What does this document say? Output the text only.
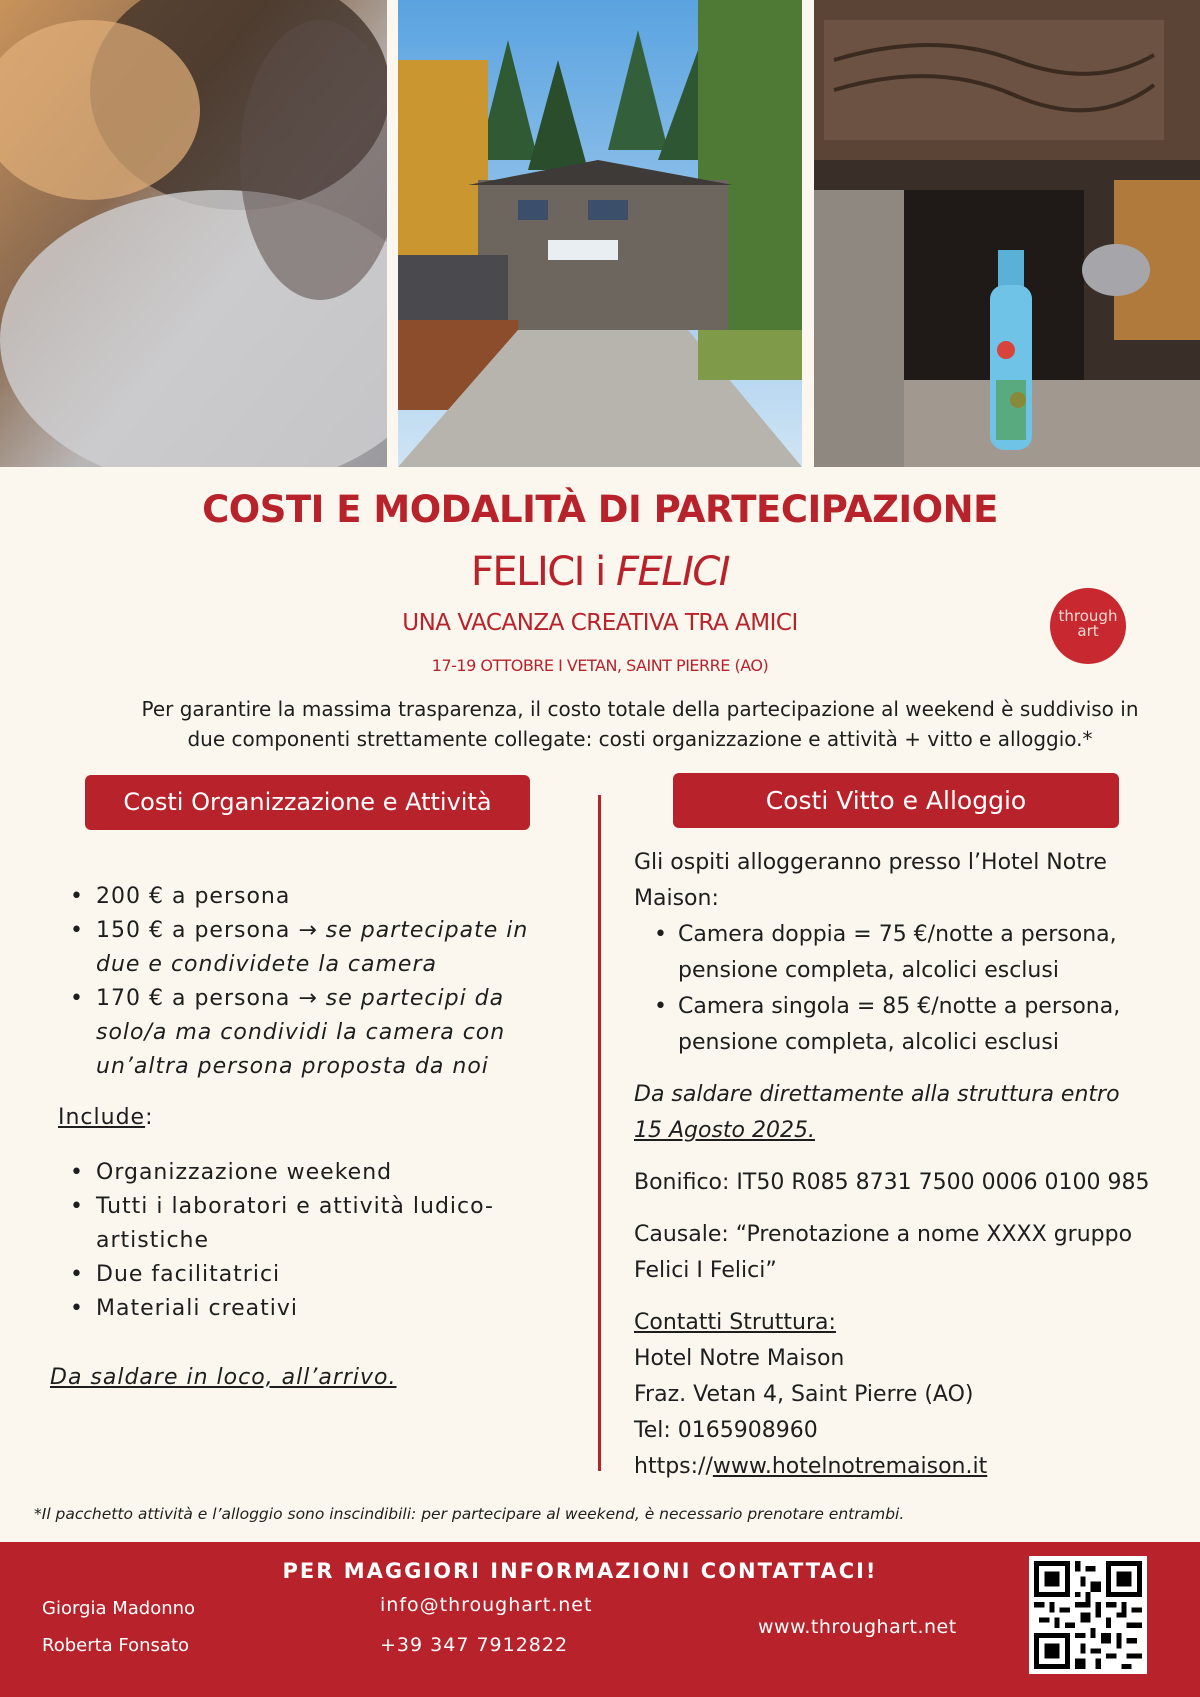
COSTI E MODALITÀ DI PARTECIPAZIONE
FELICI i FELICI
UNA VACANZA CREATIVA TRA AMICI
17-19 OTTOBRE I VETAN, SAINT PIERRE (AO)
through
art
Per garantire la massima trasparenza, il costo totale della partecipazione al weekend è suddiviso in
due componenti strettamente collegate: costi organizzazione e attività + vitto e alloggio.*
Costi Organizzazione e Attività	Costi Vitto e Alloggio
• 200 € a persona
• 150 € a persona → se partecipate in due e condividete la camera
• 170 € a persona → se partecipi da solo/a ma condividi la camera con un’altra persona proposta da noi
Include:
• Organizzazione weekend
• Tutti i laboratori e attività ludico-artistiche
• Due facilitatrici
• Materiali creativi
Da saldare in loco, all’arrivo.
Gli ospiti alloggeranno presso l’Hotel Notre Maison:
• Camera doppia = 75 €/notte a persona, pensione completa, alcolici esclusi
• Camera singola = 85 €/notte a persona, pensione completa, alcolici esclusi
Da saldare direttamente alla struttura entro
15 Agosto 2025.
Bonifico: IT50 R085 8731 7500 0006 0100 985
Causale: “Prenotazione a nome XXXX gruppo Felici I Felici”
Contatti Struttura:
Hotel Notre Maison
Fraz. Vetan 4, Saint Pierre (AO)
Tel: 0165908960
https://www.hotelnotremaison.it
*Il pacchetto attività e l’alloggio sono inscindibili: per partecipare al weekend, è necessario prenotare entrambi.
PER MAGGIORI INFORMAZIONI CONTATTACI!
Giorgia Madonno
Roberta Fonsato
info@throughart.net
+39 347 7912822
www.throughart.net
